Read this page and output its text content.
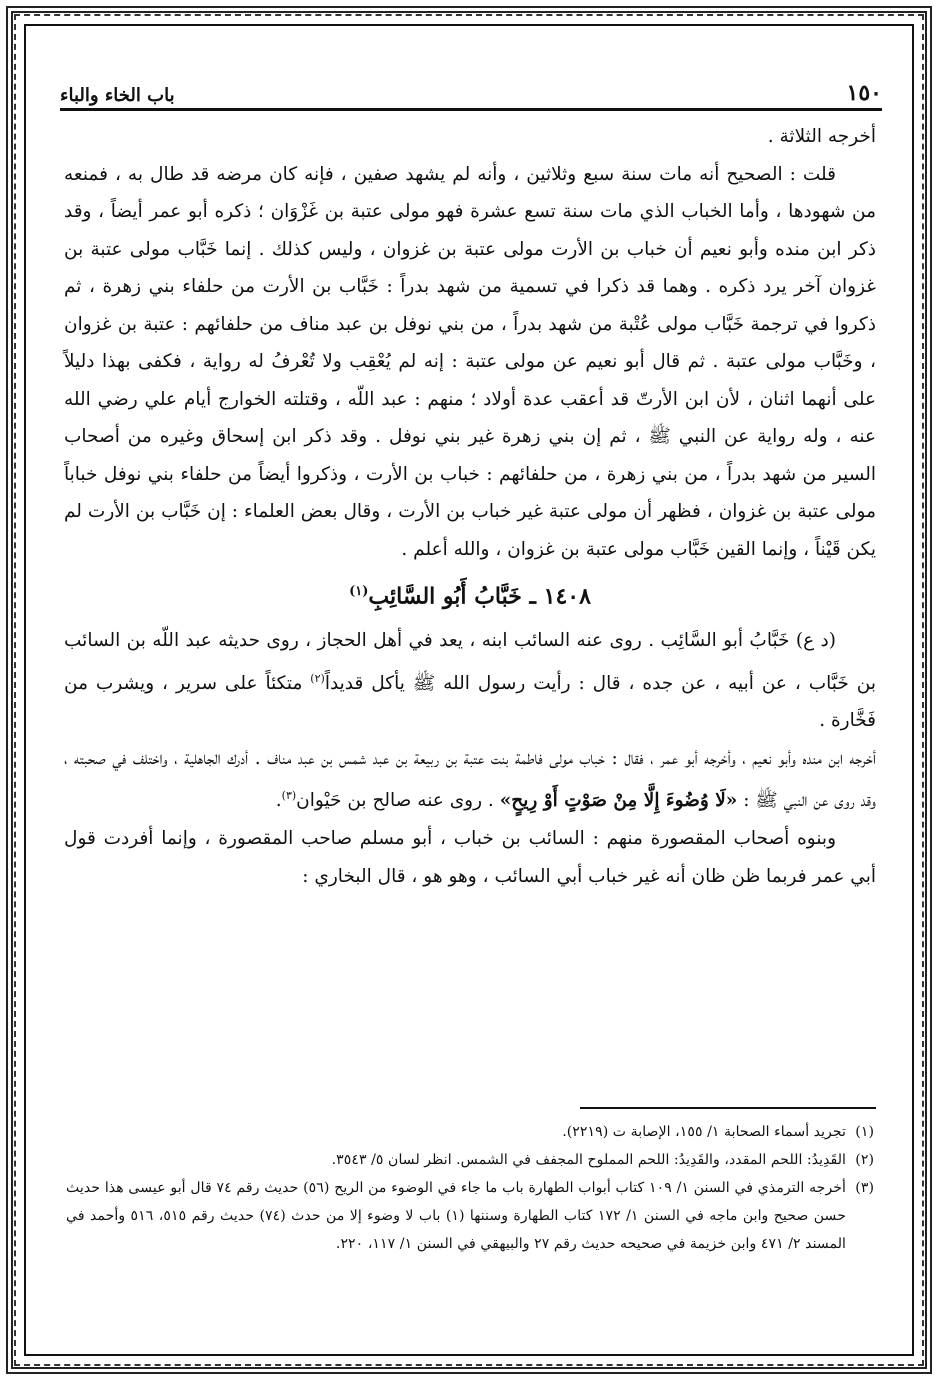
١٥٠
باب الخاء والباء

أخرجه الثلاثة .

قلت : الصحيح أنه مات سنة سبع وثلاثين ، وأنه لم يشهد صفين ، فإنه كان مرضه قد طال به ، فمنعه من شهودها ، وأما الخباب الذي مات سنة تسع عشرة فهو مولى عتبة بن غَزْوَان ؛ ذكره أبو عمر أيضاً ، وقد ذكر ابن منده وأبو نعيم أن خباب بن الأرت مولى عتبة بن غزوان ، وليس كذلك . إنما خَبَّاب مولى عتبة بن غزوان آخر يرد ذكره . وهما قد ذكرا في تسمية من شهد بدراً : خَبَّاب بن الأرت من حلفاء بني زهرة ، ثم ذكروا في ترجمة خَبَّاب مولى عُتْبة من شهد بدراً ، من بني نوفل بن عبد مناف من حلفائهم : عتبة بن غزوان ، وخَبَّاب مولى عتبة . ثم قال أبو نعيم عن مولى عتبة : إنه لم يُعْقِب ولا تُعْرفُ له رواية ، فكفى بهذا دليلاً على أنهما اثنان ، لأن ابن الأرتّ قد أعقب عدة أولاد ؛ منهم : عبد اللّه ، وقتلته الخوارج أيام علي رضي الله عنه ، وله رواية عن النبي ﷺ ، ثم إن بني زهرة غير بني نوفل . وقد ذكر ابن إسحاق وغيره من أصحاب السير من شهد بدراً ، من بني زهرة ، من حلفائهم : خباب بن الأرت ، وذكروا أيضاً من حلفاء بني نوفل خباباً مولى عتبة بن غزوان ، فظهر أن مولى عتبة غير خباب بن الأرت ، وقال بعض العلماء : إن خَبَّاب بن الأرت لم يكن قَيْناً ، وإنما القين خَبَّاب مولى عتبة بن غزوان ، والله أعلم .

١٤٠٨ ـ خَبَّابُ أَبُو السَّائِبِ$^{(١)}$

(د ع) خَبَّابُ أبو السَّائِب . روى عنه السائب ابنه ، يعد في أهل الحجاز ، روى حديثه عبد اللّه بن السائب بن خَبَّاب ، عن أبيه ، عن جده ، قال : رأيت رسول الله ﷺ يأكل قديداً$^{(٢)}$ متكئاً على سرير ، ويشرب من فَخَّارة .

أخرجه ابن منده وأبو نعيم ، وأخرجه أبو عمر ، فقال : خباب مولى فاطمة بنت عتبة بن ربيعة بن عبد شمس بن عبد مناف . أدرك الجاهلية ، واختلف في صحبته ، وقد روى عن النبي ﷺ : «لَا وُضُوءَ إِلَّا مِنْ صَوْتٍ أَوْ رِيحٍ» . روى عنه صالح بن حَيْوان$^{(٣)}$.

وبنوه أصحاب المقصورة منهم : السائب بن خباب ، أبو مسلم صاحب المقصورة ، وإنما أفردت قول أبي عمر فربما ظن ظان أنه غير خباب أبي السائب ، وهو هو ، قال البخاري :

(١)تجريد أسماء الصحابة ١/ ١٥٥، الإصابة ت (٢٢١٩).

(٢)القَدِيدُ: اللحم المقدد، والقَدِيدُ: اللحم المملوح المجفف في الشمس. انظر لسان ٥/ ٣٥٤٣.

(٣)أخرجه الترمذي في السنن ١/ ١٠٩ كتاب أبواب الطهارة باب ما جاء في الوضوء من الريح (٥٦) حديث رقم ٧٤ قال أبو عيسى هذا حديث حسن صحيح وابن ماجه في السنن ١/ ١٧٢ كتاب الطهارة وسننها (١) باب لا وضوء إلا من حدث (٧٤) حديث رقم ٥١٥، ٥١٦ وأحمد في المسند ٢/ ٤٧١ وابن خزيمة في صحيحه حديث رقم ٢٧ والبيهقي في السنن ١/ ١١٧، ٢٢٠.
